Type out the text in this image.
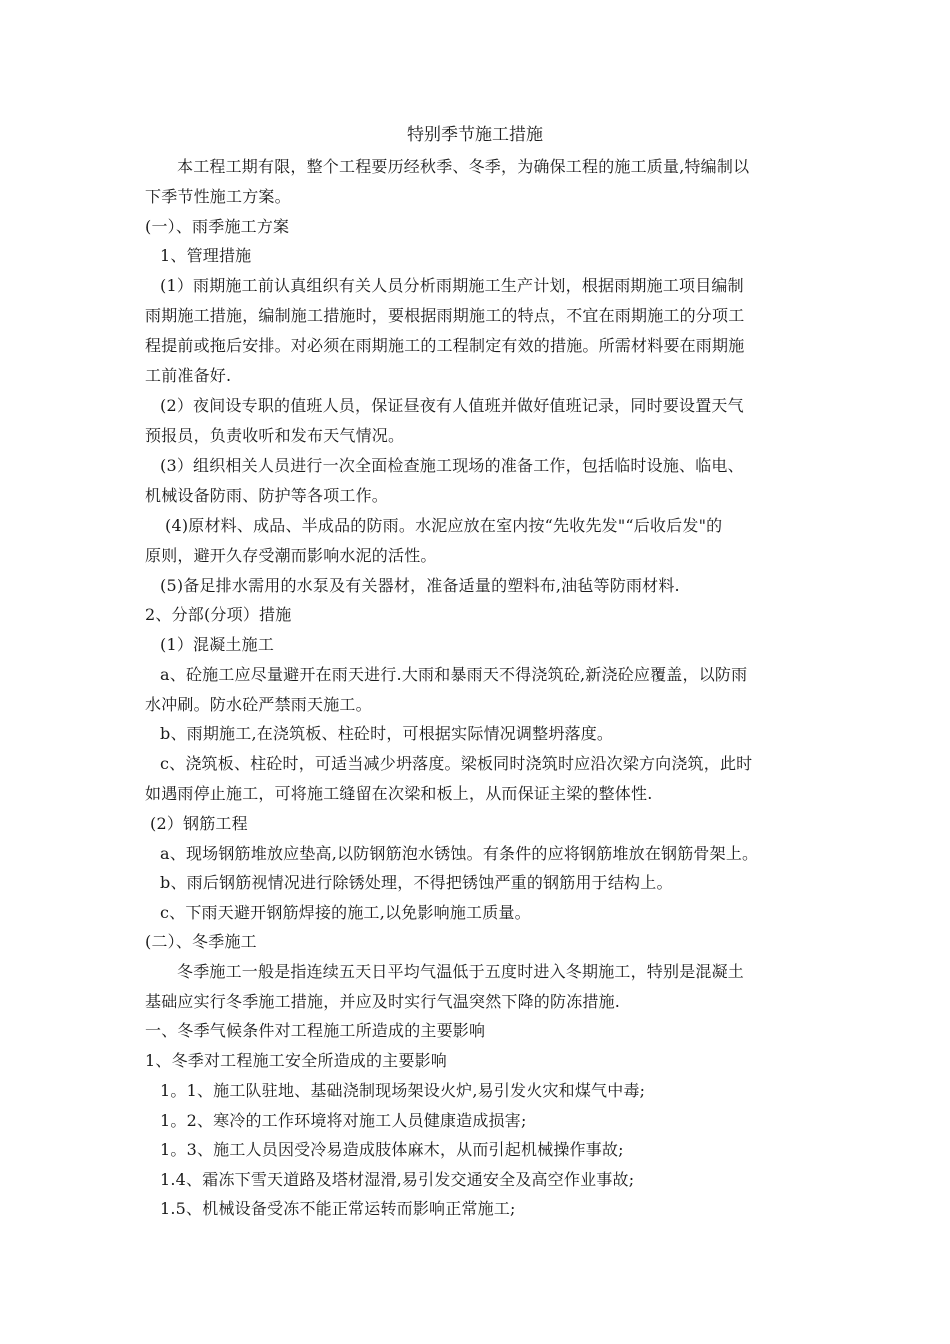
特别季节施工措施
本工程工期有限，整个工程要历经秋季、冬季，为确保工程的施工质量,特编制以
下季节性施工方案。
(一）、雨季施工方案
1、管理措施
(1）雨期施工前认真组织有关人员分析雨期施工生产计划，根据雨期施工项目编制
雨期施工措施，编制施工措施时，要根据雨期施工的特点，不宜在雨期施工的分项工
程提前或拖后安排。对必须在雨期施工的工程制定有效的措施。所需材料要在雨期施
工前准备好.
(2）夜间设专职的值班人员，保证昼夜有人值班并做好值班记录，同时要设置天气
预报员，负责收听和发布天气情况。
(3）组织相关人员进行一次全面检查施工现场的准备工作，包括临时设施、临电、
机械设备防雨、防护等各项工作。
(4)原材料、成品、半成品的防雨。水泥应放在室内按“先收先发"“后收后发"的
原则，避开久存受潮而影响水泥的活性。
(5)备足排水需用的水泵及有关器材，准备适量的塑料布,油毡等防雨材料.
2、分部(分项）措施
(1）混凝土施工
a、砼施工应尽量避开在雨天进行.大雨和暴雨天不得浇筑砼,新浇砼应覆盖，以防雨
水冲刷。防水砼严禁雨天施工。
b、雨期施工,在浇筑板、柱砼时，可根据实际情况调整坍落度。
c、浇筑板、柱砼时，可适当减少坍落度。梁板同时浇筑时应沿次梁方向浇筑，此时
如遇雨停止施工，可将施工缝留在次梁和板上，从而保证主梁的整体性.
(2）钢筋工程
a、现场钢筋堆放应垫高,以防钢筋泡水锈蚀。有条件的应将钢筋堆放在钢筋骨架上。
b、雨后钢筋视情况进行除锈处理，不得把锈蚀严重的钢筋用于结构上。
c、下雨天避开钢筋焊接的施工,以免影响施工质量。
(二）、冬季施工
冬季施工一般是指连续五天日平均气温低于五度时进入冬期施工，特别是混凝土
基础应实行冬季施工措施，并应及时实行气温突然下降的防冻措施.
一、冬季气候条件对工程施工所造成的主要影响
1、冬季对工程施工安全所造成的主要影响
1。1、施工队驻地、基础浇制现场架设火炉,易引发火灾和煤气中毒;
1。2、寒冷的工作环境将对施工人员健康造成损害;
1。3、施工人员因受冷易造成肢体麻木，从而引起机械操作事故;
1.4、霜冻下雪天道路及塔材湿滑,易引发交通安全及高空作业事故;
1.5、机械设备受冻不能正常运转而影响正常施工;
